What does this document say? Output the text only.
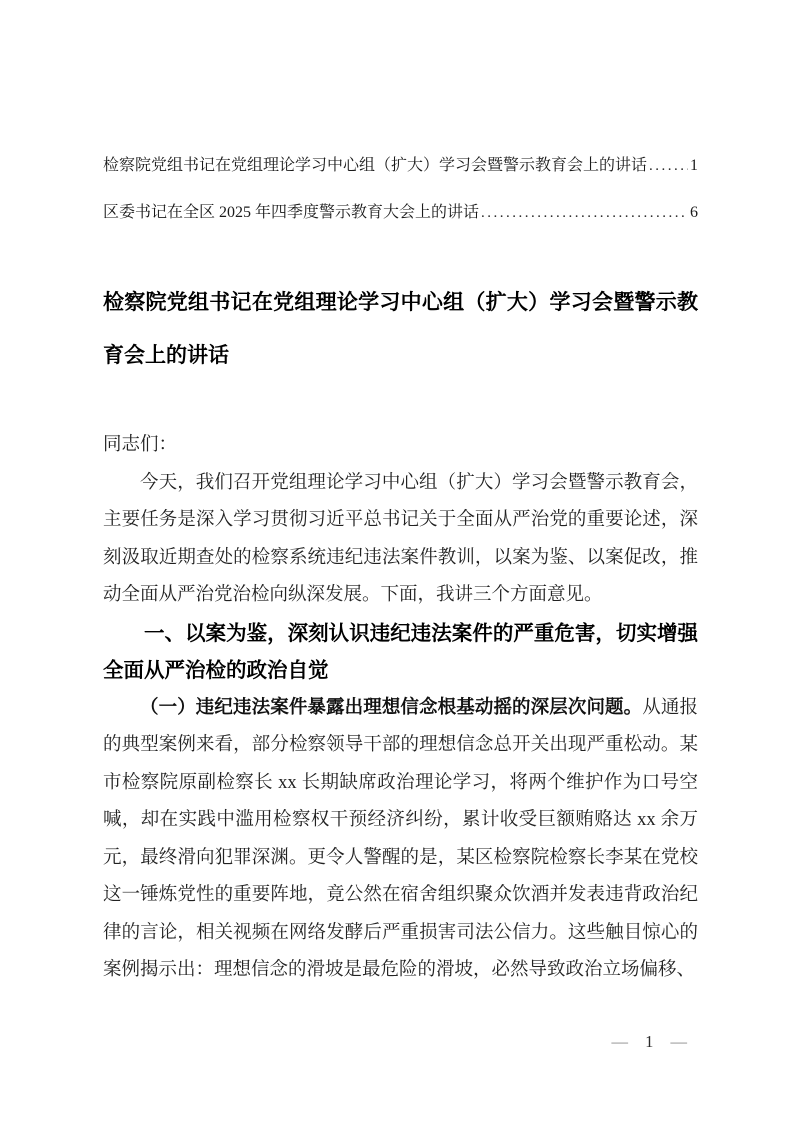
检察院党组书记在党组理论学习中心组（扩大）学习会暨警示教育会上的讲话 .....	1
区委书记在全区 2025 年四季度警示教育大会上的讲话 .....	6
检察院党组书记在党组理论学习中心组（扩大）学习会暨警示教育会上的讲话

同志们：

今天，我们召开党组理论学习中心组（扩大）学习会暨警示教育会，主要任务是深入学习贯彻习近平总书记关于全面从严治党的重要论述，深刻汲取近期查处的检察系统违纪违法案件教训，以案为鉴、以案促改，推动全面从严治党治检向纵深发展。下面，我讲三个方面意见。

一、以案为鉴，深刻认识违纪违法案件的严重危害，切实增强全面从严治检的政治自觉

（一）违纪违法案件暴露出理想信念根基动摇的深层次问题。从通报的典型案例来看，部分检察领导干部的理想信念总开关出现严重松动。某市检察院原副检察长 xx 长期缺席政治理论学习，将两个维护作为口号空喊，却在实践中滥用检察权干预经济纠纷，累计收受巨额贿赂达 xx 余万元，最终滑向犯罪深渊。更令人警醒的是，某区检察院检察长李某在党校这一锤炼党性的重要阵地，竟公然在宿舍组织聚众饮酒并发表违背政治纪律的言论，相关视频在网络发酵后严重损害司法公信力。这些触目惊心的案例揭示出：理想信念的滑坡是最危险的滑坡，必然导致政治立场偏移、

— 1 —
